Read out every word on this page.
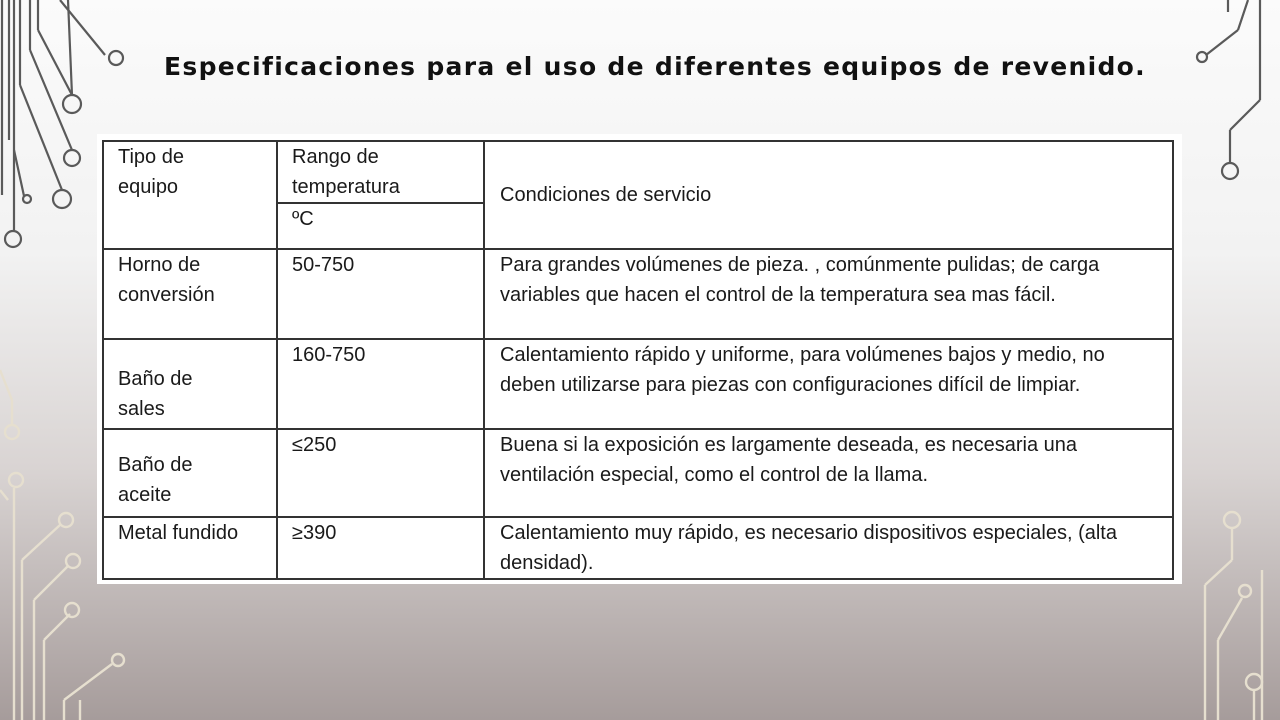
Especificaciones para el uso de diferentes equipos de revenido.
Tipo de equipo	Rango de temperatura	Condiciones de servicio
	ºC	
Horno de conversión	50-750	Para grandes volúmenes de pieza. , comúnmente pulidas; de carga variables que hacen el control de la temperatura sea mas fácil.
Baño de sales	160-750	Calentamiento rápido y uniforme, para volúmenes bajos y medio, no deben utilizarse para piezas con configuraciones difícil de limpiar.
Baño de aceite	≤250	Buena si la exposición es largamente deseada, es necesaria una ventilación especial, como el control de la llama.
Metal fundido	≥390	Calentamiento muy rápido, es necesario dispositivos especiales, (alta densidad).
